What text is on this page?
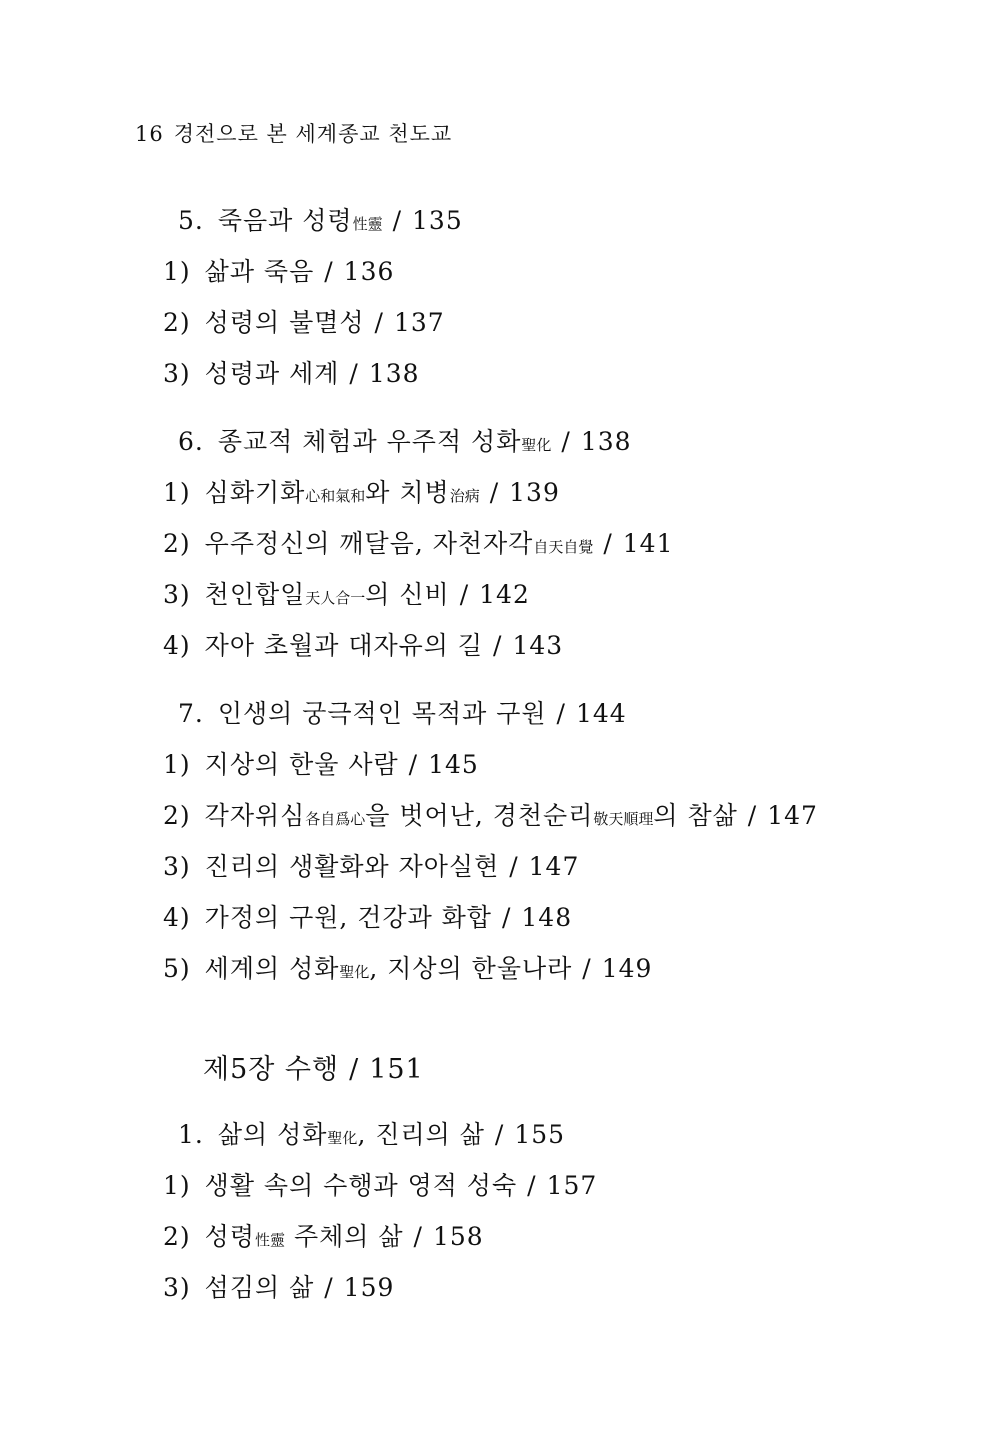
16 경전으로 본 세계종교 천도교
5. 죽음과 성령性靈 / 135
1) 삶과 죽음 / 136
2) 성령의 불멸성 / 137
3) 성령과 세계 / 138
6. 종교적 체험과 우주적 성화聖化 / 138
1) 심화기화心和氣和와 치병治病 / 139
2) 우주정신의 깨달음, 자천자각自天自覺 / 141
3) 천인합일天人合一의 신비 / 142
4) 자아 초월과 대자유의 길 / 143
7. 인생의 궁극적인 목적과 구원 / 144
1) 지상의 한울 사람 / 145
2) 각자위심各自爲心을 벗어난, 경천순리敬天順理의 참삶 / 147
3) 진리의 생활화와 자아실현 / 147
4) 가정의 구원, 건강과 화합 / 148
5) 세계의 성화聖化, 지상의 한울나라 / 149
제5장 수행 / 151
1. 삶의 성화聖化, 진리의 삶 / 155
1) 생활 속의 수행과 영적 성숙 / 157
2) 성령性靈 주체의 삶 / 158
3) 섬김의 삶 / 159
